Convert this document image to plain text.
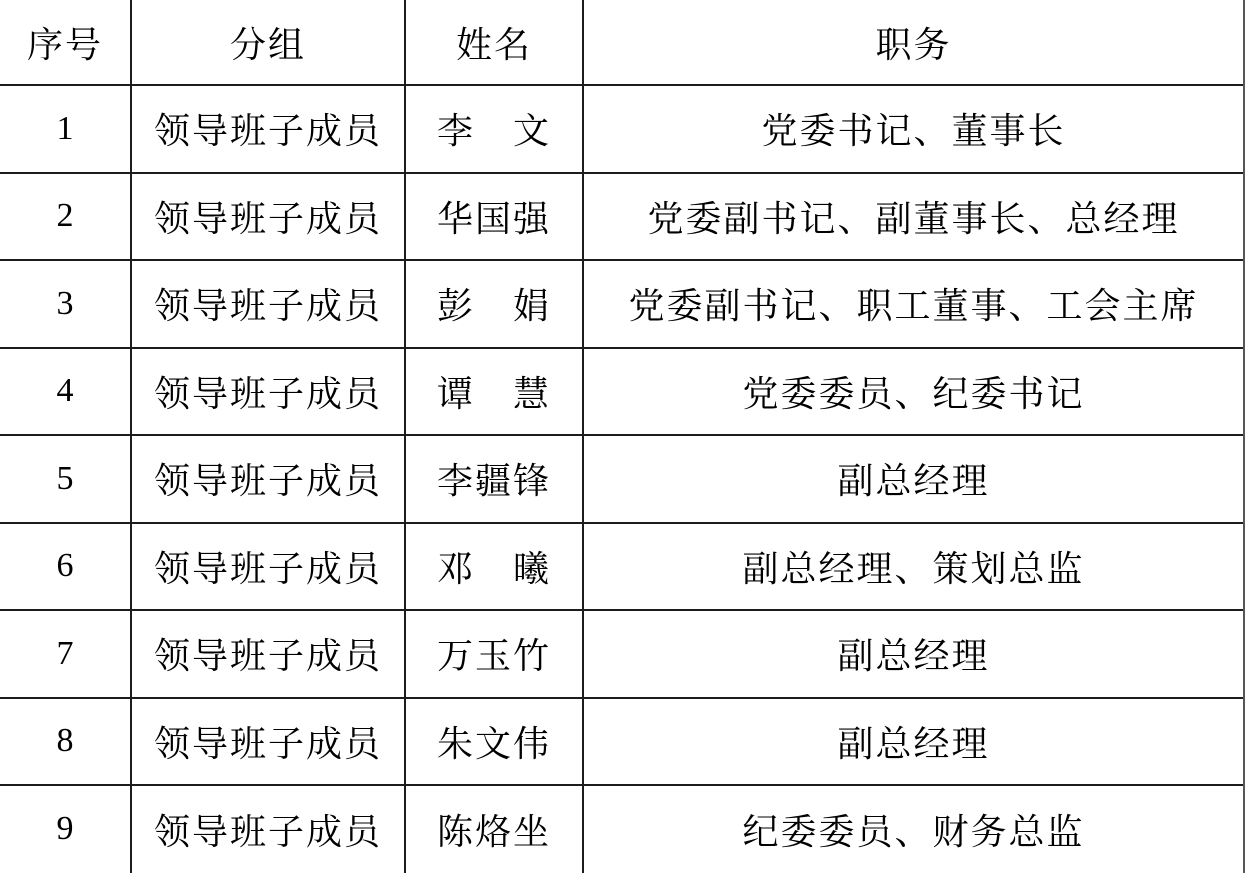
序号	分组	姓名	职务
1	领导班子成员	李　文	党委书记、董事长
2	领导班子成员	华国强	党委副书记、副董事长、总经理
3	领导班子成员	彭　娟	党委副书记、职工董事、工会主席
4	领导班子成员	谭　慧	党委委员、纪委书记
5	领导班子成员	李疆锋	副总经理
6	领导班子成员	邓　曦	副总经理、策划总监
7	领导班子成员	万玉竹	副总经理
8	领导班子成员	朱文伟	副总经理
9	领导班子成员	陈烙坐	纪委委员、财务总监
